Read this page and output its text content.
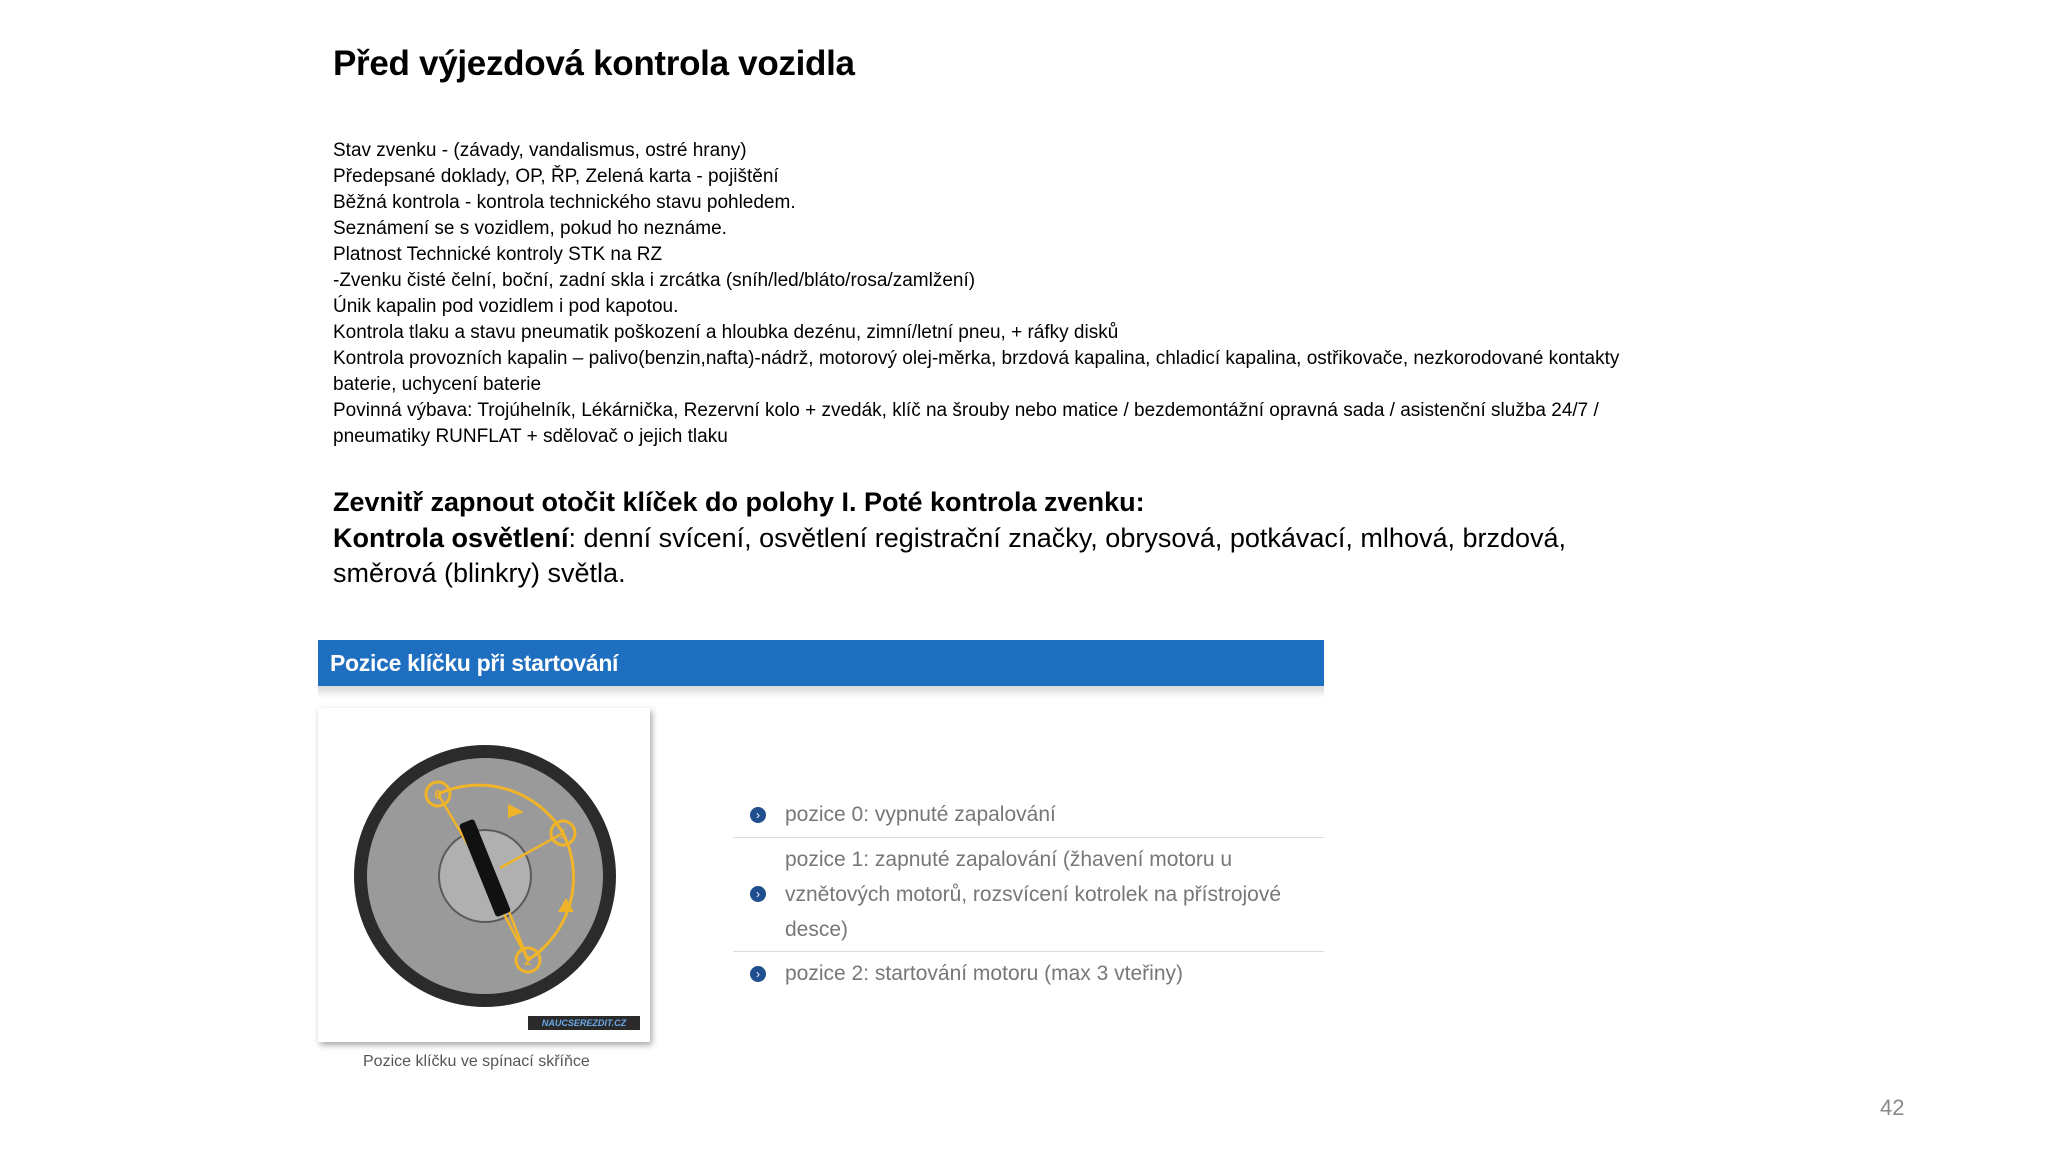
Před výjezdová kontrola vozidla
Stav zvenku - (závady, vandalismus, ostré hrany)
Předepsané doklady, OP, ŘP, Zelená karta - pojištění
Běžná kontrola - kontrola technického stavu pohledem.
Seznámení se s vozidlem, pokud ho neznáme.
Platnost Technické kontroly STK na RZ
-Zvenku čisté čelní, boční, zadní skla i zrcátka (sníh/led/bláto/rosa/zamlžení)
Únik kapalin pod vozidlem i pod kapotou.
Kontrola tlaku a stavu pneumatik poškození a hloubka dezénu, zimní/letní pneu, + ráfky disků
Kontrola provozních kapalin – palivo(benzin,nafta)-nádrž, motorový olej-měrka, brzdová kapalina, chladicí kapalina, ostřikovače, nezkorodované kontakty baterie, uchycení baterie
Povinná výbava: Trojúhelník, Lékárnička, Rezervní kolo + zvedák, klíč na šrouby nebo matice / bezdemontážní opravná sada / asistenční služba 24/7 / pneumatiky RUNFLAT + sdělovač o jejich tlaku
Zevnitř zapnout otočit klíček do polohy I. Poté kontrola zvenku:
Kontrola osvětlení: denní svícení, osvětlení registrační značky, obrysová, potkávací, mlhová, brzdová, směrová (blinkry) světla.
Pozice klíčku při startování
0
1
2
NAUCSEREZDIT.CZ
Pozice klíčku ve spínací skříňce
› pozice 0: vypnuté zapalování
›
pozice 1: zapnuté zapalování (žhavení motoru u vznětových motorů, rozsvícení kotrolek na přístrojové desce)
› pozice 2: startování motoru (max 3 vteřiny)
42
